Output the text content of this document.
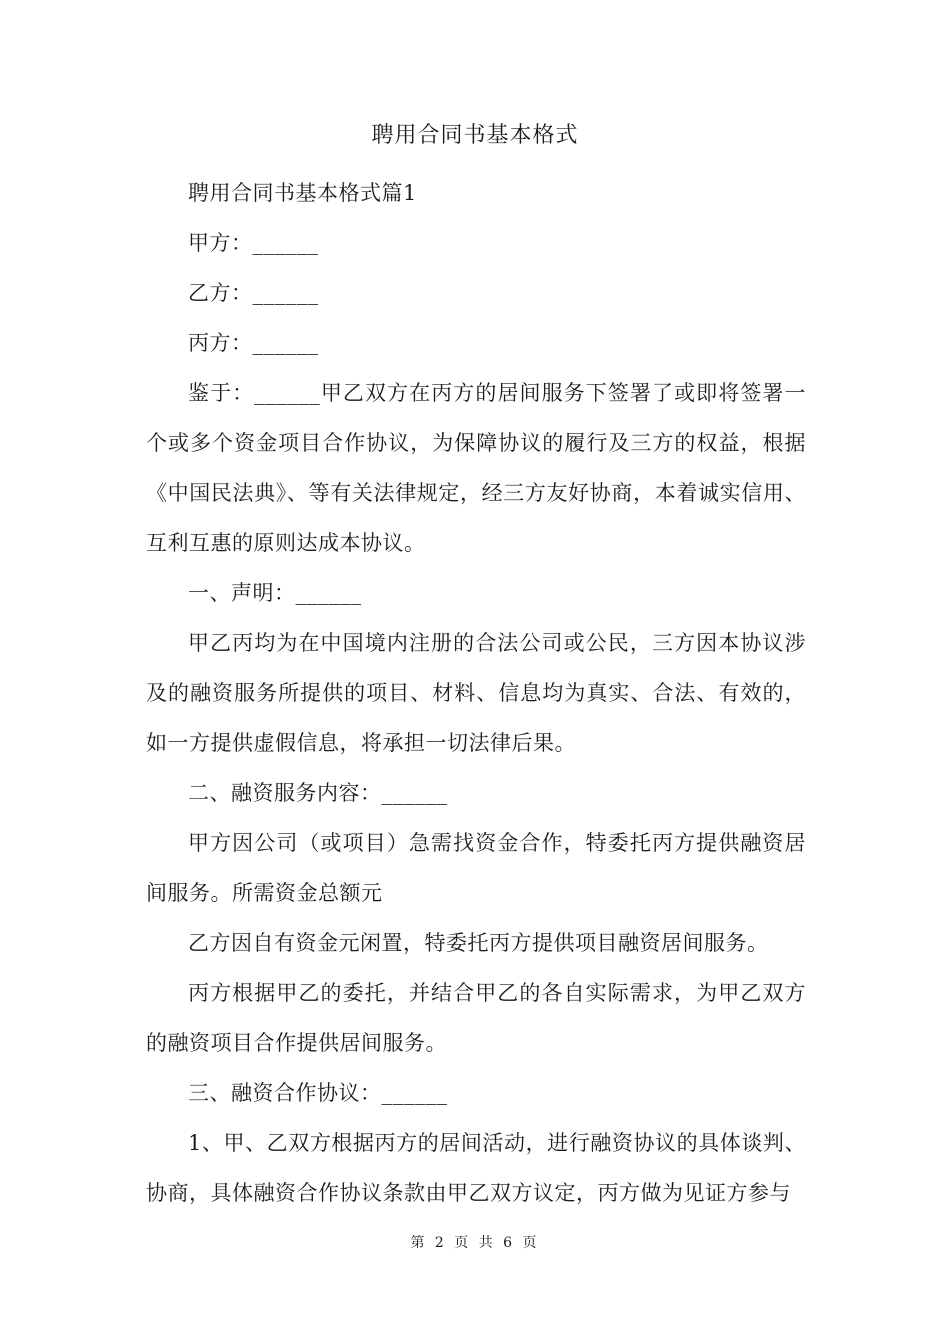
聘用合同书基本格式

聘用合同书基本格式篇1

甲方：______

乙方：______

丙方：______

鉴于：______甲乙双方在丙方的居间服务下签署了或即将签署一个或多个资金项目合作协议，为保障协议的履行及三方的权益，根据《中国民法典》、等有关法律规定，经三方友好协商，本着诚实信用、互利互惠的原则达成本协议。

一、声明：______

甲乙丙均为在中国境内注册的合法公司或公民，三方因本协议涉及的融资服务所提供的项目、材料、信息均为真实、合法、有效的，如一方提供虚假信息，将承担一切法律后果。

二、融资服务内容：______

甲方因公司（或项目）急需找资金合作，特委托丙方提供融资居间服务。所需资金总额元

乙方因自有资金元闲置，特委托丙方提供项目融资居间服务。

丙方根据甲乙的委托，并结合甲乙的各自实际需求，为甲乙双方的融资项目合作提供居间服务。

三、融资合作协议：______

1、甲、乙双方根据丙方的居间活动，进行融资协议的具体谈判、协商，具体融资合作协议条款由甲乙双方议定，丙方做为见证方参与

第 2 页 共 6 页
